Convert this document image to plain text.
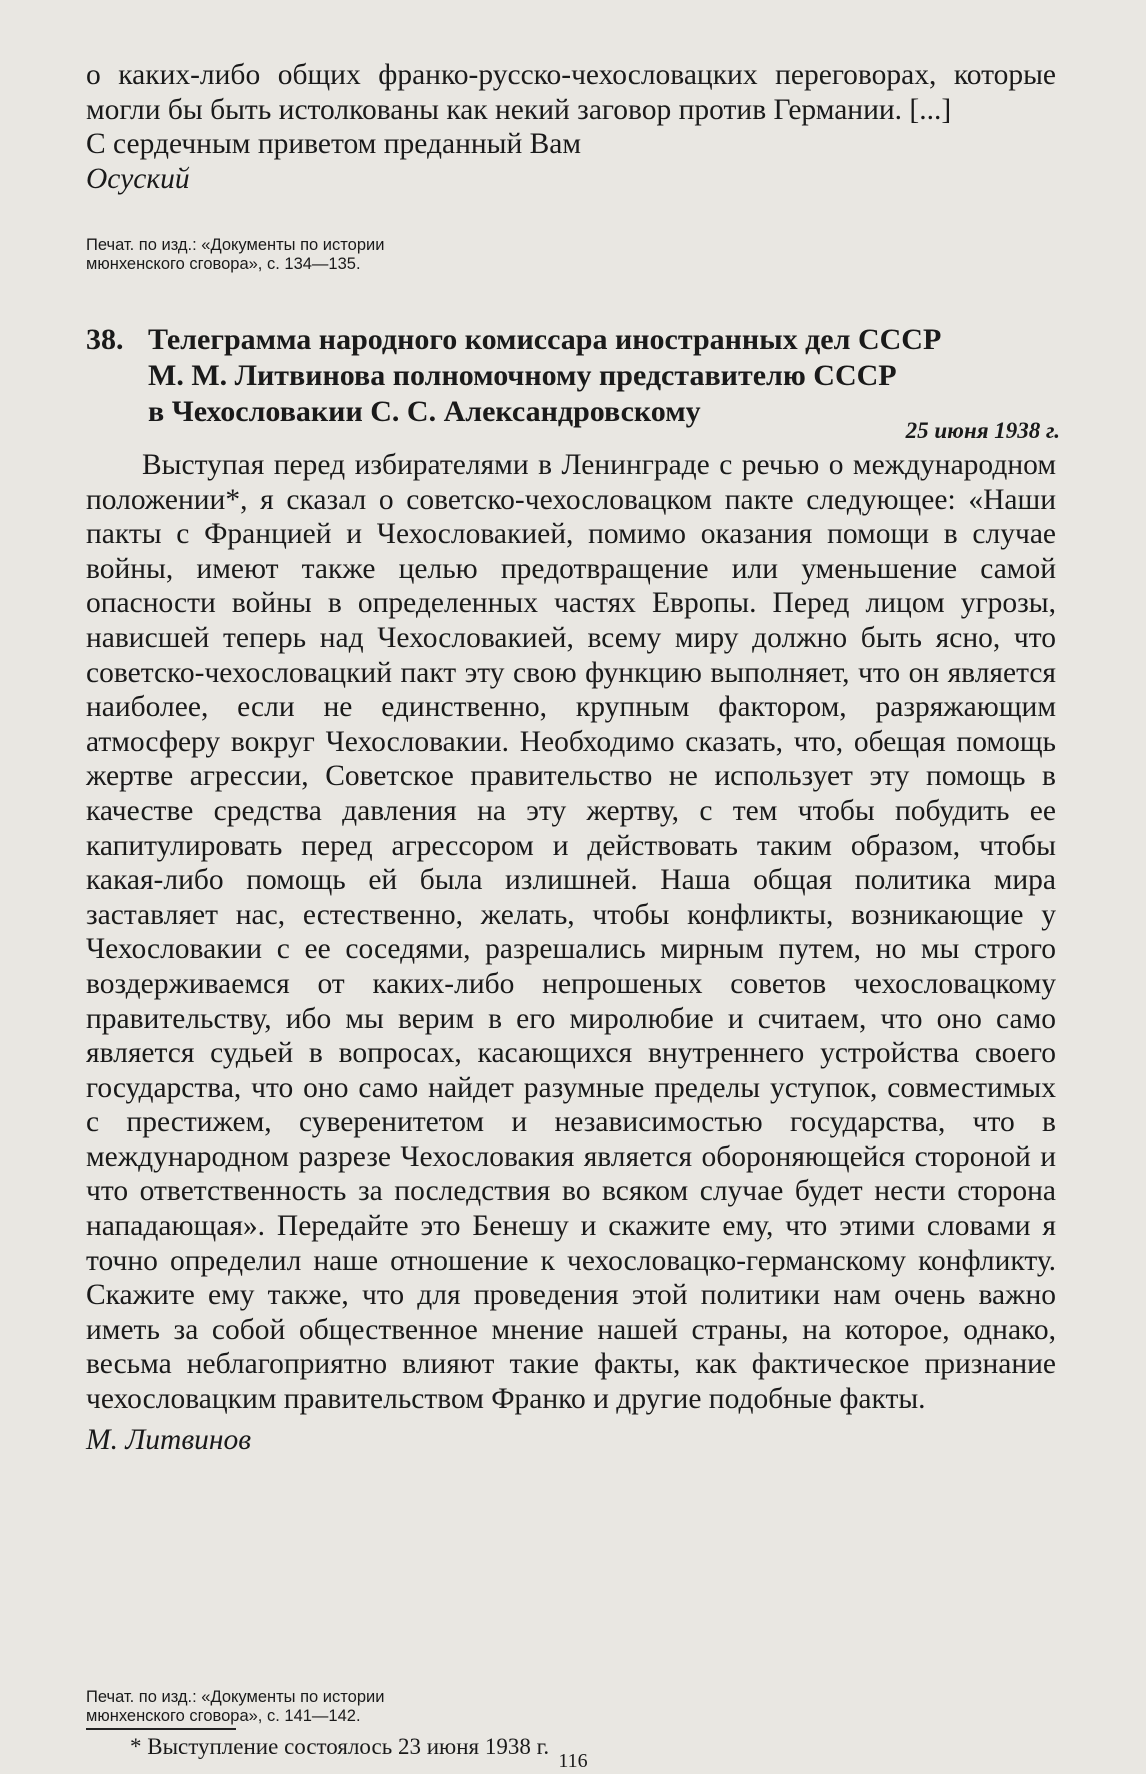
о каких-либо общих франко-русско-чехословацких переговорах, которые могли бы быть истолкованы как некий заговор против Германии. [...]

С сердечным приветом преданный Вам

Осуский

Печат. по изд.: «Документы по истории

мюнхенского сговора», с. 134—135.

38. Телеграмма народного комиссара иностранных дел СССР
М. М. Литвинова полномочному представителю СССР
в Чехословакии С. С. Александровскому
25 июня 1938 г.

Выступая перед избирателями в Ленинграде с речью о международном положении*, я сказал о советско-чехословацком пакте следующее: «Наши пакты с Францией и Чехословакией, помимо оказания помощи в случае войны, имеют также целью предотвращение или уменьшение самой опасности войны в определенных частях Европы. Перед лицом угрозы, нависшей теперь над Чехословакией, всему миру должно быть ясно, что советско-чехословацкий пакт эту свою функцию выполняет, что он является наиболее, если не единственно, крупным фактором, разряжающим атмосферу вокруг Чехословакии. Необходимо сказать, что, обещая помощь жертве агрессии, Советское правительство не использует эту помощь в качестве средства давления на эту жертву, с тем чтобы побудить ее капитулировать перед агрессором и действовать таким образом, чтобы какая-либо помощь ей была излишней. Наша общая политика мира заставляет нас, естественно, желать, чтобы конфликты, возникающие у Чехословакии с ее соседями, разрешались мирным путем, но мы строго воздерживаемся от каких-либо непрошеных советов чехословацкому правительству, ибо мы верим в его миролюбие и считаем, что оно само является судьей в вопросах, касающихся внутреннего устройства своего государства, что оно само найдет разумные пределы уступок, совместимых с престижем, суверенитетом и независимостью государства, что в международном разрезе Чехословакия является обороняющейся стороной и что ответственность за последствия во всяком случае будет нести сторона нападающая». Передайте это Бенешу и скажите ему, что этими словами я точно определил наше отношение к чехословацко-германскому конфликту. Скажите ему также, что для проведения этой политики нам очень важно иметь за собой общественное мнение нашей страны, на которое, однако, весьма неблагоприятно влияют такие факты, как фактическое признание чехословацким правительством Франко и другие подобные факты.

М. Литвинов

Печат. по изд.: «Документы по истории

мюнхенского сговора», с. 141—142.

* Выступление состоялось 23 июня 1938 г.
116
